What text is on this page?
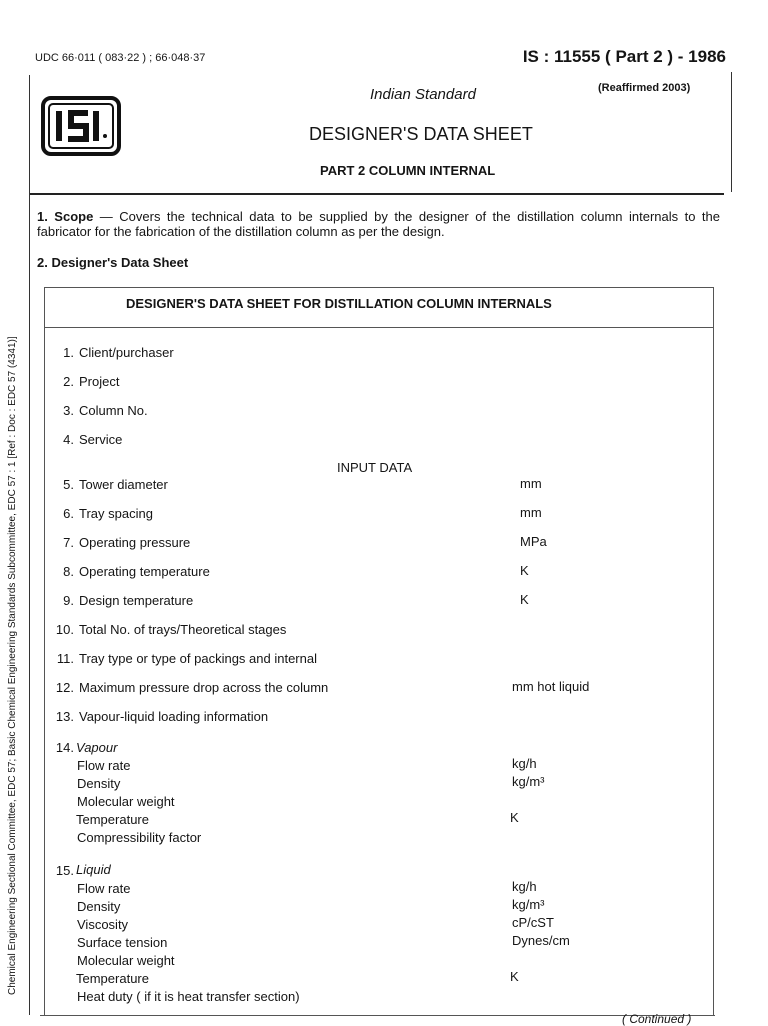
UDC 66·011 ( 083·22 ) ; 66·048·37	IS : 11555 ( Part 2 ) - 1986
Indian Standard	(Reaffirmed 2003)
DESIGNER'S DATA SHEET
PART 2 COLUMN INTERNAL
1. Scope — Covers the technical data to be supplied by the designer of the distillation column internals to the fabricator for the fabrication of the distillation column as per the design.
2. Designer's Data Sheet
DESIGNER'S DATA SHEET FOR DISTILLATION COLUMN INTERNALS
INPUT DATA
1. Client/purchaser
2. Project
3. Column No.
4. Service
5. Tower diameter	mm
6. Tray spacing	mm
7. Operating pressure	MPa
8. Operating temperature	K
9. Design temperature	K
10. Total No. of trays/Theoretical stages
11. Tray type or type of packings and internal
12. Maximum pressure drop across the column	mm hot liquid
13. Vapour-liquid loading information
14. Vapour
Flow rate	kg/h
Density	kg/m³
Molecular weight
Temperature	K
Compressibility factor
15. Liquid
Flow rate	kg/h
Density	kg/m³
Viscosity	cP/cST
Surface tension	Dynes/cm
Molecular weight
Temperature	K
Heat duty ( if it is heat transfer section)
( Continued )
Chemical Engineering Sectional Committee, EDC 57; Basic Chemical Engineering Standards Subcommittee, EDC 57 : 1 [Ref : Doc : EDC 57 (4341)]
